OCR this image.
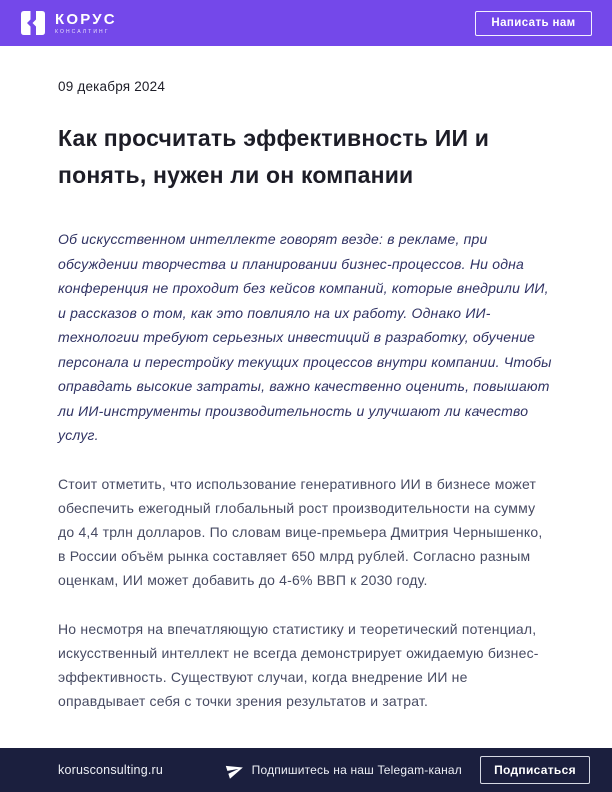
КОРУС
КОНСАЛТИНГ
Написать нам
09 декабря 2024
Как просчитать эффективность ИИ и понять, нужен ли он компании

Об искусственном интеллекте говорят везде: в рекламе, при обсуждении творчества и планировании бизнес-процессов. Ни одна конференция не проходит без кейсов компаний, которые внедрили ИИ, и рассказов о том, как это повлияло на их работу. Однако ИИ-технологии требуют серьезных инвестиций в разработку, обучение персонала и перестройку текущих процессов внутри компании. Чтобы оправдать высокие затраты, важно качественно оценить, повышают ли ИИ-инструменты производительность и улучшают ли качество услуг.

Стоит отметить, что использование генеративного ИИ в бизнесе может обеспечить ежегодный глобальный рост производительности на сумму до 4,4 трлн долларов. По словам вице-премьера Дмитрия Чернышенко, в России объём рынка составляет 650 млрд рублей. Согласно разным оценкам, ИИ может добавить до 4-6% ВВП к 2030 году.

Но несмотря на впечатляющую статистику и теоретический потенциал, искусственный интеллект не всегда демонстрирует ожидаемую бизнес-эффективность. Существуют случаи, когда внедрение ИИ не оправдывает себя с точки зрения результатов и затрат.

korusconsulting.ru	Подпишитесь на наш Telegam-канал	Подписаться
